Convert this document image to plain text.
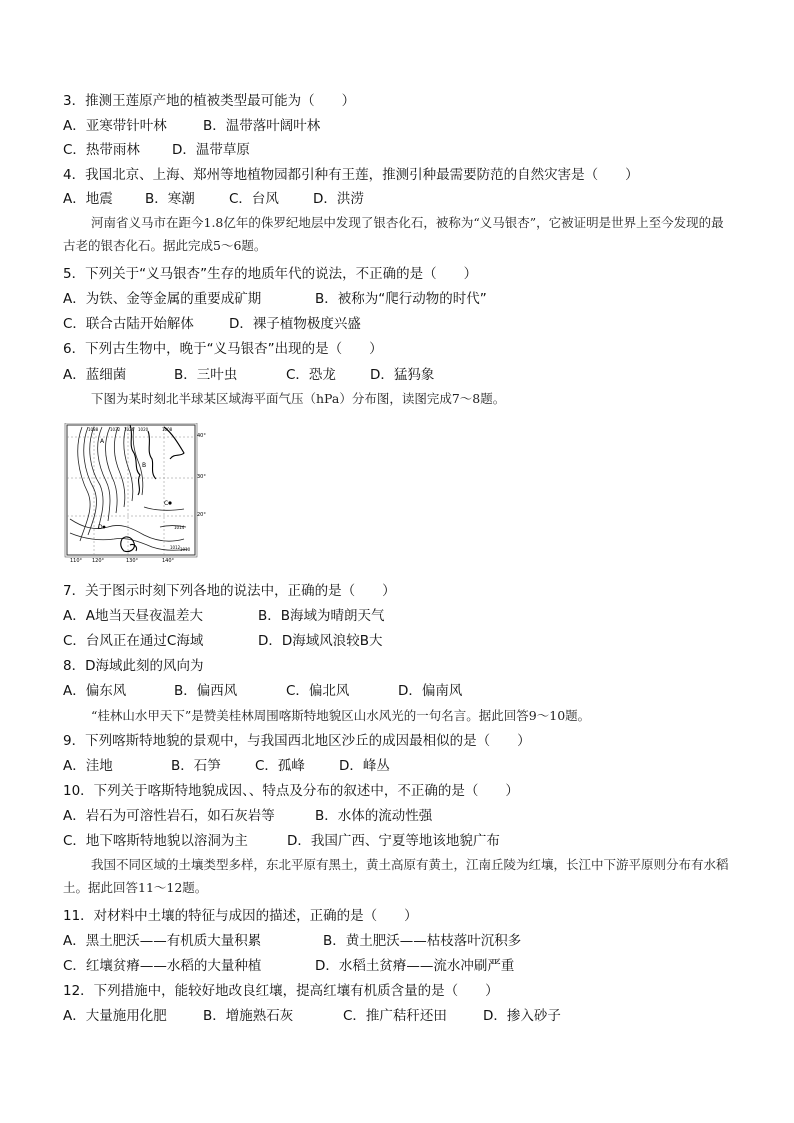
3．推测王莲原产地的植被类型最可能为（　　）
A．亚寒带针叶林	B．温带落叶阔叶林
C．热带雨林 D．温带草原
4．我国北京、上海、郑州等地植物园都引种有王莲，推测引种最需要防范的自然灾害是（　　）
A．地震 B．寒潮	C．台风	D．洪涝
河南省义马市在距今1.8亿年的侏罗纪地层中发现了银杏化石，被称为“义马银杏”，它被证明是世界上至今发现的最古老的银杏化石。据此完成5～6题。
5．下列关于“义马银杏”生存的地质年代的说法，不正确的是（　　）
A．为铁、金等金属的重要成矿期	B．被称为“爬行动物的时代”
C．联合古陆开始解体	D．裸子植物极度兴盛
6．下列古生物中，晚于“义马银杏”出现的是（　　）
A．蓝细菌	B．三叶虫	C．恐龙	D．猛犸象
下图为某时刻北半球某区域海平面气压（hPa）分布图，读图完成7～8题。
110° 120°	130°	140°
40°
30°
20°
1038	1032 1026 1020	1008
1014
1012 1010
A
B
C
D
7．关于图示时刻下列各地的说法中，正确的是（　　）
A．A地当天昼夜温差大	B．B海域为晴朗天气
C．台风正在通过C海域	D．D海域风浪较B大
8．D海域此刻的风向为
A．偏东风	B．偏西风	C．偏北风	D．偏南风
“桂林山水甲天下”是赞美桂林周围喀斯特地貌区山水风光的一句名言。据此回答9～10题。
9．下列喀斯特地貌的景观中，与我国西北地区沙丘的成因最相似的是（　　）
A．洼地	B．石笋	C．孤峰	D．峰丛
10．下列关于喀斯特地貌成因、、特点及分布的叙述中，不正确的是（　　）
A．岩石为可溶性岩石，如石灰岩等	B．水体的流动性强
C．地下喀斯特地貌以溶洞为主	D．我国广西、宁夏等地该地貌广布
我国不同区域的土壤类型多样，东北平原有黑土，黄土高原有黄土，江南丘陵为红壤，长江中下游平原则分布有水稻土。据此回答11～12题。
11．对材料中土壤的特征与成因的描述，正确的是（　　）
A．黑土肥沃——有机质大量积累	B．黄土肥沃——枯枝落叶沉积多
C．红壤贫瘠——水稻的大量种植	D．水稻土贫瘠——流水冲刷严重
12．下列措施中，能较好地改良红壤，提高红壤有机质含量的是（　　）
A．大量施用化肥	B．增施熟石灰	C．推广秸秆还田	D．掺入砂子
